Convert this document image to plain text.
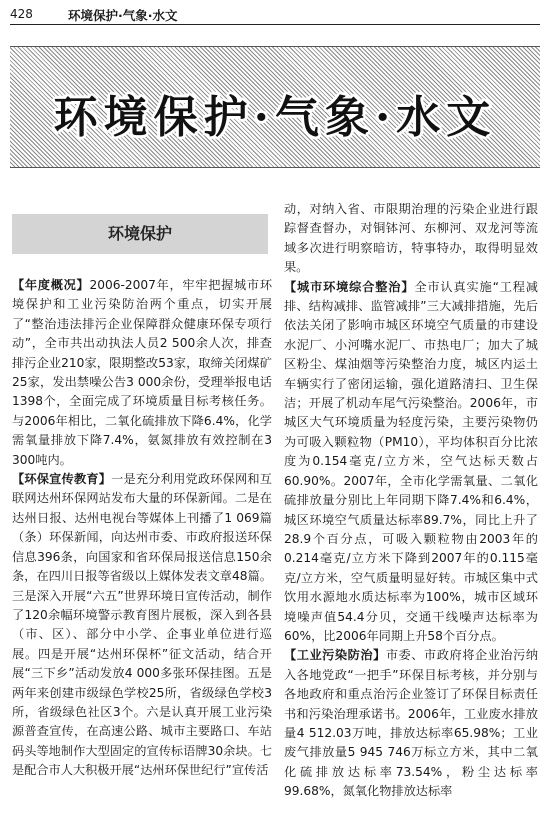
428	环境保护·气象·水文
环境保护·气象·水文
环境保护

【年度概况】2006-2007年，牢牢把握城市环境保护和工业污染防治两个重点，切实开展了“整治违法排污企业保障群众健康环保专项行动”，全市共出动执法人员2 500余人次，排查排污企业210家，限期整改53家，取缔关闭煤矿25家，发出禁噪公告3 000余份，受理举报电话1398个，全面完成了环境质量目标考核任务。与2006年相比，二氧化硫排放下降6.4%，化学需氧量排放下降7.4%，氨氮排放有效控制在3 300吨内。

【环保宣传教育】一是充分利用党政环保网和互联网达州环保网站发布大量的环保新闻。二是在达州日报、达州电视台等媒体上刊播了1 069篇（条）环保新闻，向达州市委、市政府报送环保信息396条，向国家和省环保局报送信息150余条，在四川日报等省级以上媒体发表文章48篇。三是深入开展“六五”世界环境日宣传活动，制作了120余幅环境警示教育图片展板，深入到各县（市、区）、部分中小学、企事业单位进行巡展。四是开展“达州环保杯”征文活动，结合开展“三下乡”活动发放4 000多张环保挂图。五是两年来创建市级绿色学校25所，省级绿色学校3所，省级绿色社区3个。六是认真开展工业污染源普查宣传，在高速公路、城市主要路口、车站码头等地制作大型固定的宣传标语牌30余块。七是配合市人大积极开展“达州环保世纪行”宣传活

动，对纳入省、市限期治理的污染企业进行跟踪督查督办，对铜钵河、东柳河、双龙河等流域多次进行明察暗访，特事特办，取得明显效果。

【城市环境综合整治】全市认真实施“工程减排、结构减排、监管减排”三大减排措施，先后依法关闭了影响市城区环境空气质量的市建设水泥厂、小河嘴水泥厂、市热电厂；加大了城区粉尘、煤油烟等污染整治力度，城区内运土车辆实行了密闭运输，强化道路清扫、卫生保洁；开展了机动车尾气污染整治。2006年，市城区大气环境质量为轻度污染，主要污染物仍为可吸入颗粒物（PM10），平均体积百分比浓度为0.154毫克/立方米，空气达标天数占60.90%。2007年，全市化学需氧量、二氧化硫排放量分别比上年同期下降7.4%和6.4%，城区环境空气质量达标率89.7%，同比上升了28.9个百分点，可吸入颗粒物由2003年的0.214毫克/立方米下降到2007年的0.115毫克/立方米，空气质量明显好转。市城区集中式饮用水源地水质达标率为100%，城市区域环境噪声值54.4分贝，交通干线噪声达标率为60%，比2006年同期上升58个百分点。

【工业污染防治】市委、市政府将企业治污纳入各地党政“一把手”环保目标考核，并分别与各地政府和重点治污企业签订了环保目标责任书和污染治理承诺书。2006年，工业废水排放量4 512.03万吨，排放达标率65.98%；工业废气排放量5 945 746万标立方米，其中二氧化硫排放达标率73.54%，粉尘达标率99.68%，氮氧化物排放达标率
